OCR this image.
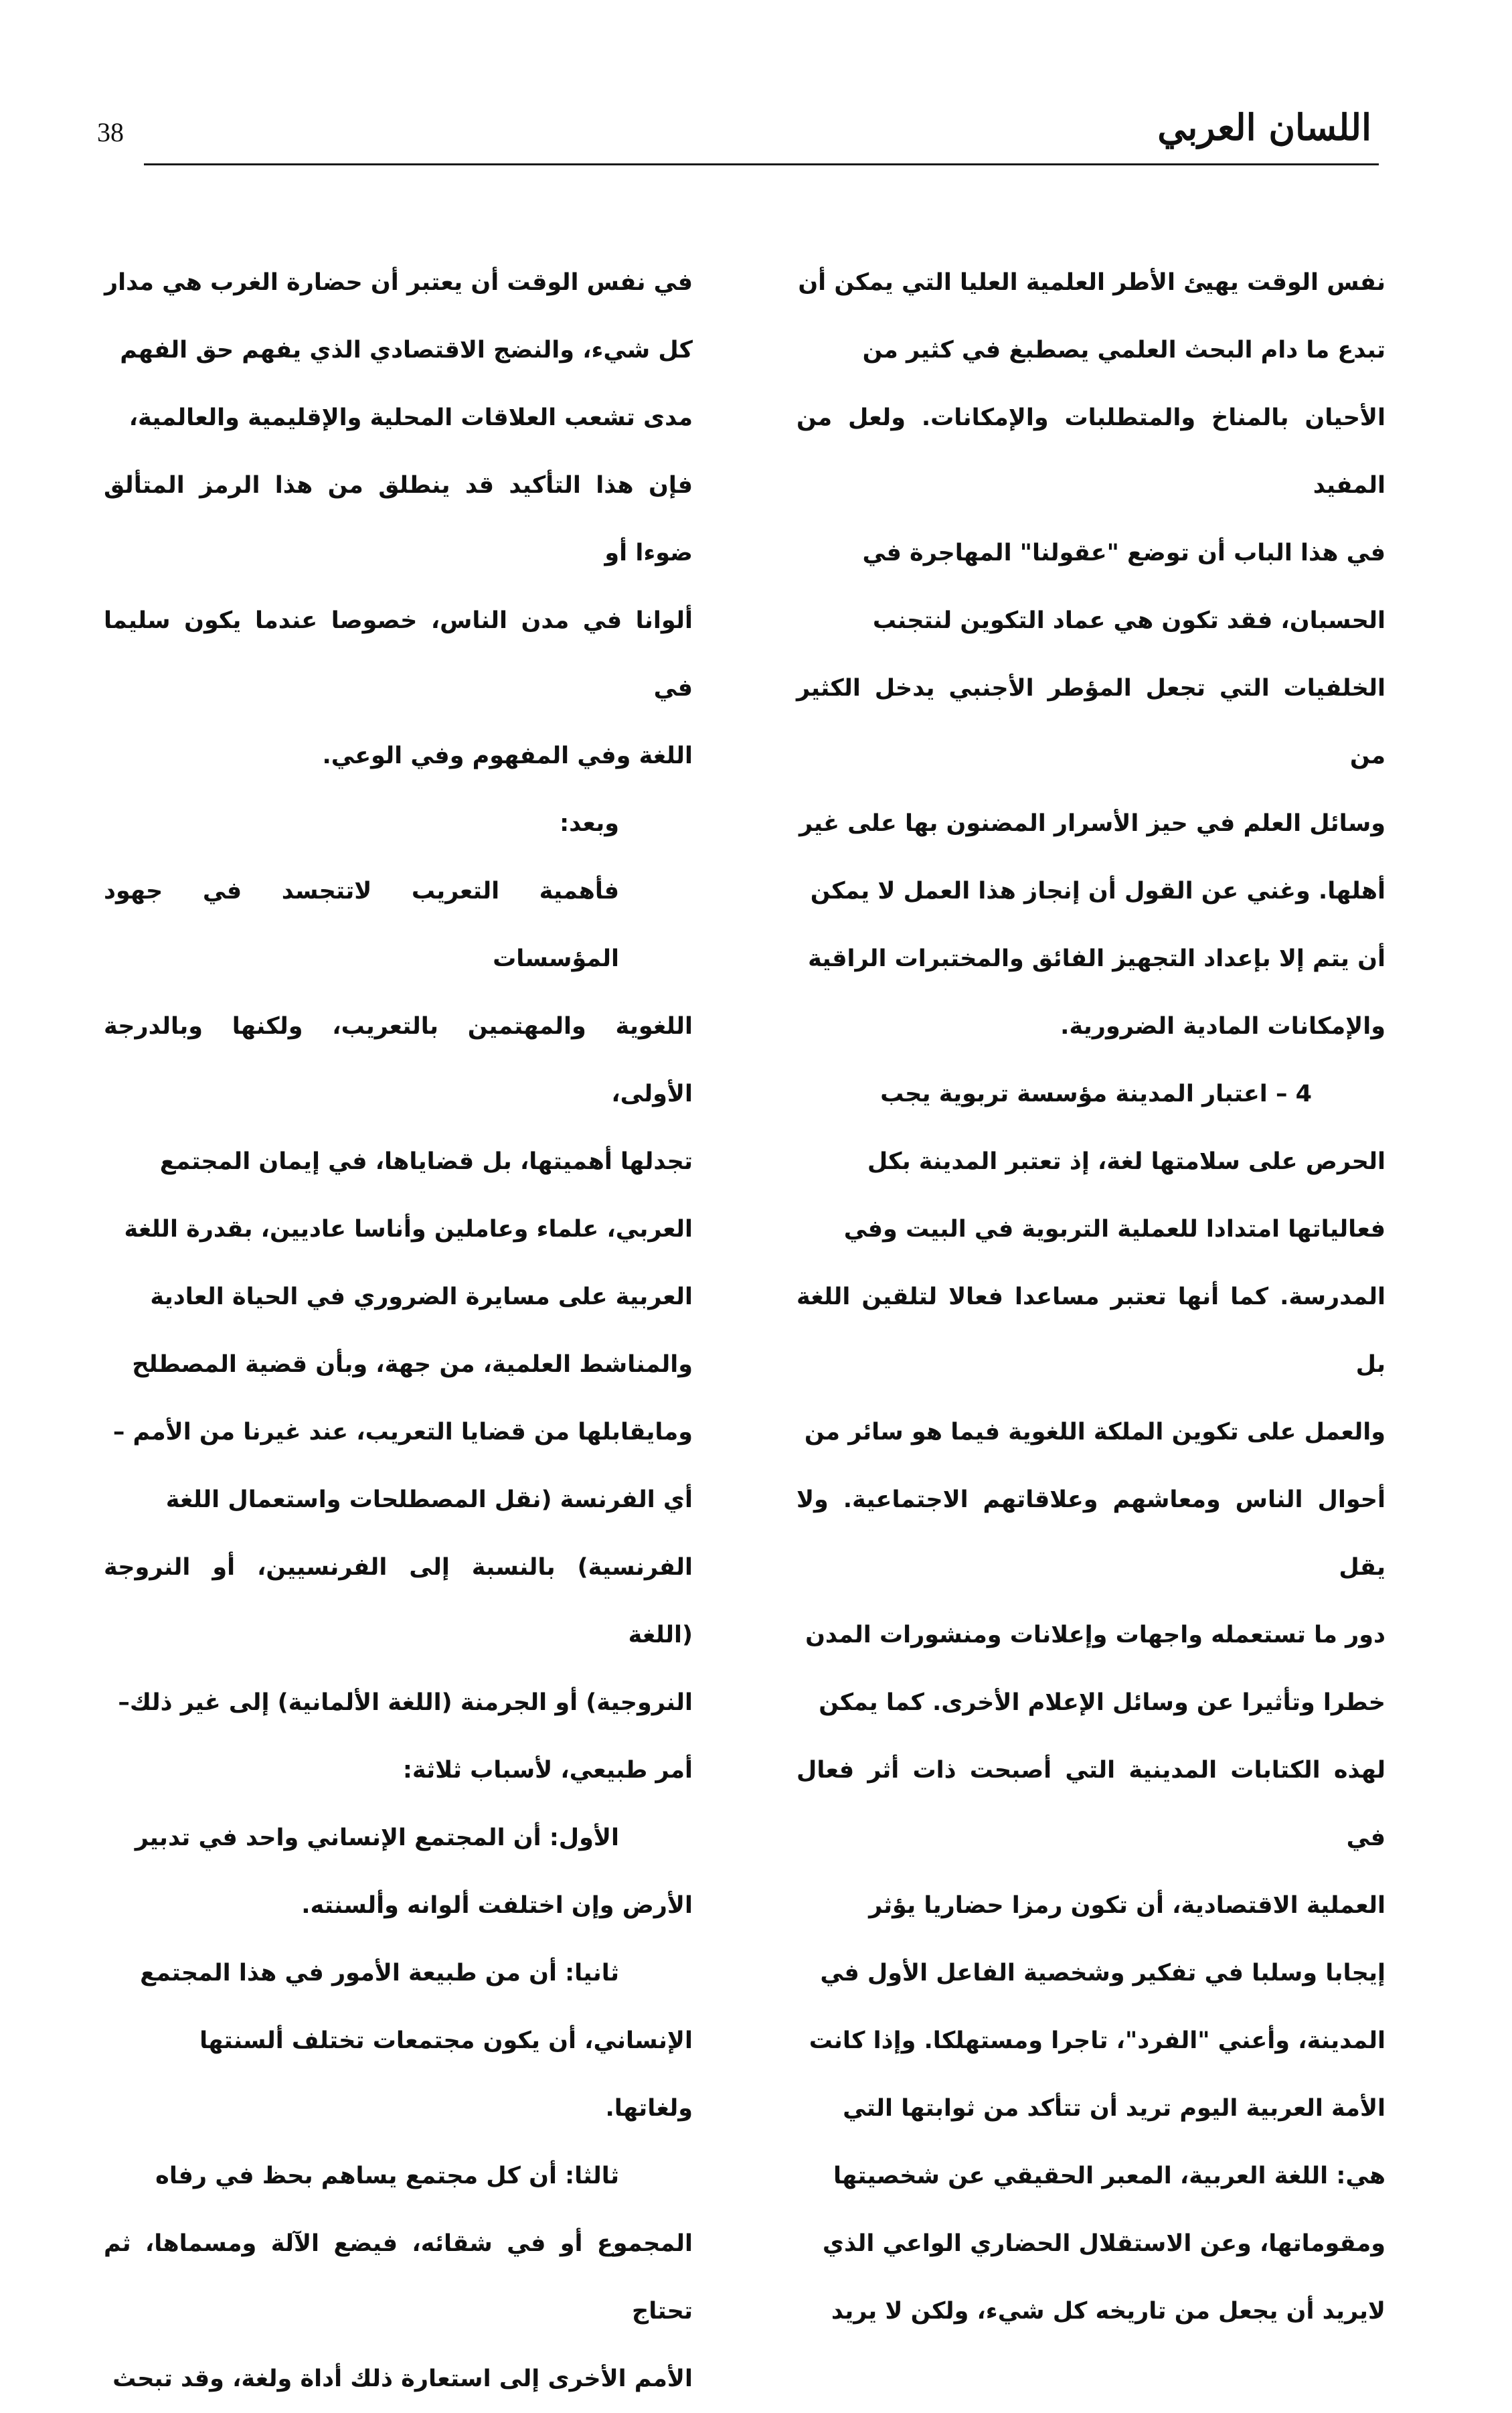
اللسان العربي
38

نفس الوقت يهيئ الأطر العلمية العليا التي يمكن أن

تبدع ما دام البحث العلمي يصطبغ في كثير من

الأحيان بالمناخ والمتطلبات والإمكانات. ولعل من المفيد

في هذا الباب أن توضع "عقولنا" المهاجرة في

الحسبان، فقد تكون هي عماد التكوين لنتجنب

الخلفيات التي تجعل المؤطر الأجنبي يدخل الكثير من

وسائل العلم في حيز الأسرار المضنون بها على غير

أهلها. وغني عن القول أن إنجاز هذا العمل لا يمكن

أن يتم إلا بإعداد التجهيز الفائق والمختبرات الراقية

والإمكانات المادية الضرورية.

4 – اعتبار المدينة مؤسسة تربوية يجب

الحرص على سلامتها لغة، إذ تعتبر المدينة بكل

فعالياتها امتدادا للعملية التربوية في البيت وفي

المدرسة. كما أنها تعتبر مساعدا فعالا لتلقين اللغة بل

والعمل على تكوين الملكة اللغوية فيما هو سائر من

أحوال الناس ومعاشهم وعلاقاتهم الاجتماعية. ولا يقل

دور ما تستعمله واجهات وإعلانات ومنشورات المدن

خطرا وتأثيرا عن وسائل الإعلام الأخرى. كما يمكن

لهذه الكتابات المدينية التي أصبحت ذات أثر فعال في

العملية الاقتصادية، أن تكون رمزا حضاريا يؤثر

إيجابا وسلبا في تفكير وشخصية الفاعل الأول في

المدينة، وأعني "الفرد"، تاجرا ومستهلكا. وإذا كانت

الأمة العربية اليوم تريد أن تتأكد من ثوابتها التي

هي: اللغة العربية، المعبر الحقيقي عن شخصيتها

ومقوماتها، وعن الاستقلال الحضاري الواعي الذي

لايريد أن يجعل من تاريخه كل شيء، ولكن لا يريد

في نفس الوقت أن يعتبر أن حضارة الغرب هي مدار

كل شيء، والنضج الاقتصادي الذي يفهم حق الفهم

مدى تشعب العلاقات المحلية والإقليمية والعالمية،

فإن هذا التأكيد قد ينطلق من هذا الرمز المتألق ضوءا أو

ألوانا في مدن الناس، خصوصا عندما يكون سليما في

اللغة وفي المفهوم وفي الوعي.

وبعد:

فأهمية التعريب لاتتجسد في جهود المؤسسات

اللغوية والمهتمين بالتعريب، ولكنها وبالدرجة الأولى،

تجدلها أهميتها، بل قضاياها، في إيمان المجتمع

العربي، علماء وعاملين وأناسا عاديين، بقدرة اللغة

العربية على مسايرة الضروري في الحياة العادية

والمناشط العلمية، من جهة، وبأن قضية المصطلح

ومايقابلها من قضايا التعريب، عند غيرنا من الأمم –

أي الفرنسة (نقل المصطلحات واستعمال اللغة

الفرنسية) بالنسبة إلى الفرنسيين، أو النروجة (اللغة

النروجية) أو الجرمنة (اللغة الألمانية) إلى غير ذلك–

أمر طبيعي، لأسباب ثلاثة:

الأول: أن المجتمع الإنساني واحد في تدبير

الأرض وإن اختلفت ألوانه وألسنته.

ثانيا: أن من طبيعة الأمور في هذا المجتمع

الإنساني، أن يكون مجتمعات تختلف ألسنتها

ولغاتها.

ثالثا: أن كل مجتمع يساهم بحظ في رفاه

المجموع أو في شقائه، فيضع الآلة ومسماها، ثم تحتاج

الأمم الأخرى إلى استعارة ذلك أداة ولغة، وقد تبحث
